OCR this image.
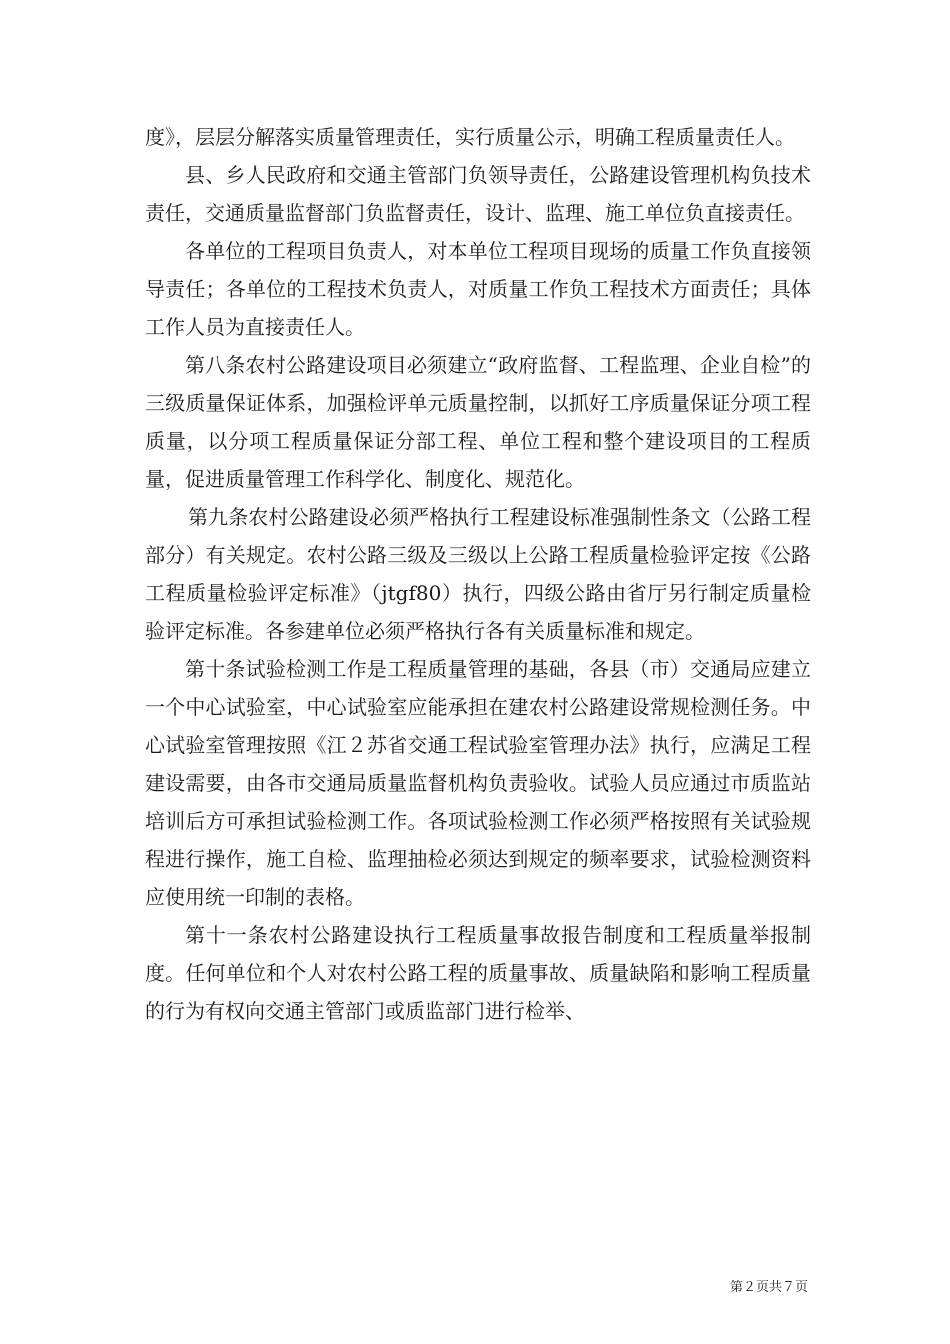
度》，层层分解落实质量管理责任，实行质量公示，明确工程质量责任人。

县、乡人民政府和交通主管部门负领导责任，公路建设管理机构负技术责任，交通质量监督部门负监督责任，设计、监理、施工单位负直接责任。

各单位的工程项目负责人，对本单位工程项目现场的质量工作负直接领导责任；各单位的工程技术负责人，对质量工作负工程技术方面责任；具体工作人员为直接责任人。

第八条农村公路建设项目必须建立“政府监督、工程监理、企业自检”的三级质量保证体系，加强检评单元质量控制，以抓好工序质量保证分项工程质量，以分项工程质量保证分部工程、单位工程和整个建设项目的工程质量，促进质量管理工作科学化、制度化、规范化。

第九条农村公路建设必须严格执行工程建设标准强制性条文（公路工程部分）有关规定。农村公路三级及三级以上公路工程质量检验评定按《公路工程质量检验评定标准》（jtgf80）执行，四级公路由省厅另行制定质量检验评定标准。各参建单位必须严格执行各有关质量标准和规定。

第十条试验检测工作是工程质量管理的基础，各县（市）交通局应建立一个中心试验室，中心试验室应能承担在建农村公路建设常规检测任务。中心试验室管理按照《江２苏省交通工程试验室管理办法》执行，应满足工程建设需要，由各市交通局质量监督机构负责验收。试验人员应通过市质监站培训后方可承担试验检测工作。各项试验检测工作必须严格按照有关试验规程进行操作，施工自检、监理抽检必须达到规定的频率要求，试验检测资料应使用统一印制的表格。

第十一条农村公路建设执行工程质量事故报告制度和工程质量举报制度。任何单位和个人对农村公路工程的质量事故、质量缺陷和影响工程质量的行为有权向交通主管部门或质监部门进行检举、

第２页共７页
